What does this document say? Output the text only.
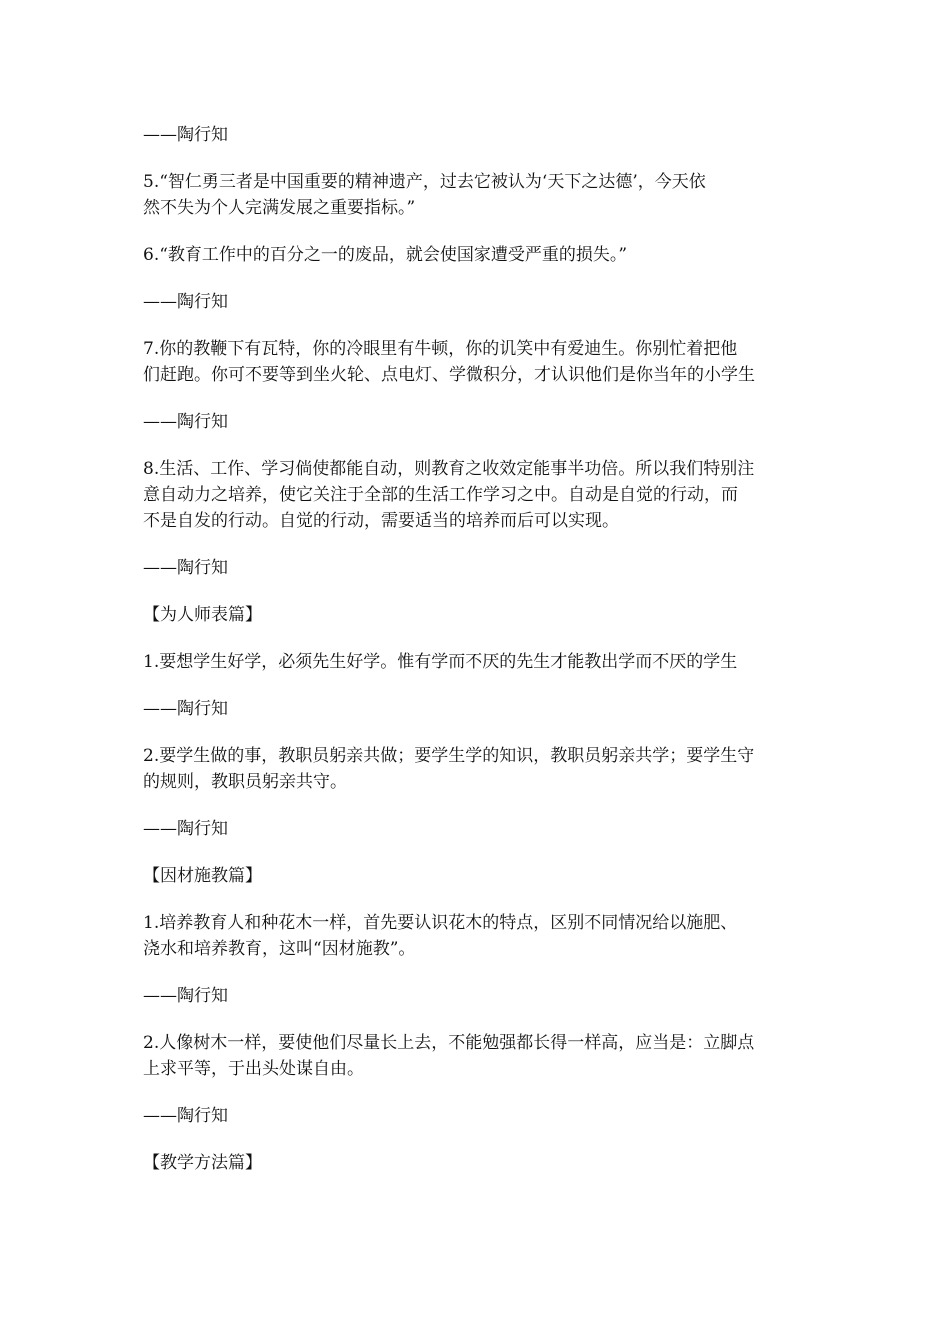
——陶行知
5.“智仁勇三者是中国重要的精神遗产，过去它被认为‘天下之达德’，今天依
然不失为个人完满发展之重要指标。”
6.“教育工作中的百分之一的废品，就会使国家遭受严重的损失。”
——陶行知
7.你的教鞭下有瓦特，你的冷眼里有牛顿，你的讥笑中有爱迪生。你别忙着把他
们赶跑。你可不要等到坐火轮、点电灯、学微积分，才认识他们是你当年的小学生
——陶行知
8.生活、工作、学习倘使都能自动，则教育之收效定能事半功倍。所以我们特别注
意自动力之培养，使它关注于全部的生活工作学习之中。自动是自觉的行动，而
不是自发的行动。自觉的行动，需要适当的培养而后可以实现。
——陶行知
【为人师表篇】
1.要想学生好学，必须先生好学。惟有学而不厌的先生才能教出学而不厌的学生
——陶行知
2.要学生做的事，教职员躬亲共做；要学生学的知识，教职员躬亲共学；要学生守
的规则，教职员躬亲共守。
——陶行知
【因材施教篇】
1.培养教育人和种花木一样，首先要认识花木的特点，区别不同情况给以施肥、
浇水和培养教育，这叫“因材施教”。
——陶行知
2.人像树木一样，要使他们尽量长上去，不能勉强都长得一样高，应当是：立脚点
上求平等，于出头处谋自由。
——陶行知
【教学方法篇】
